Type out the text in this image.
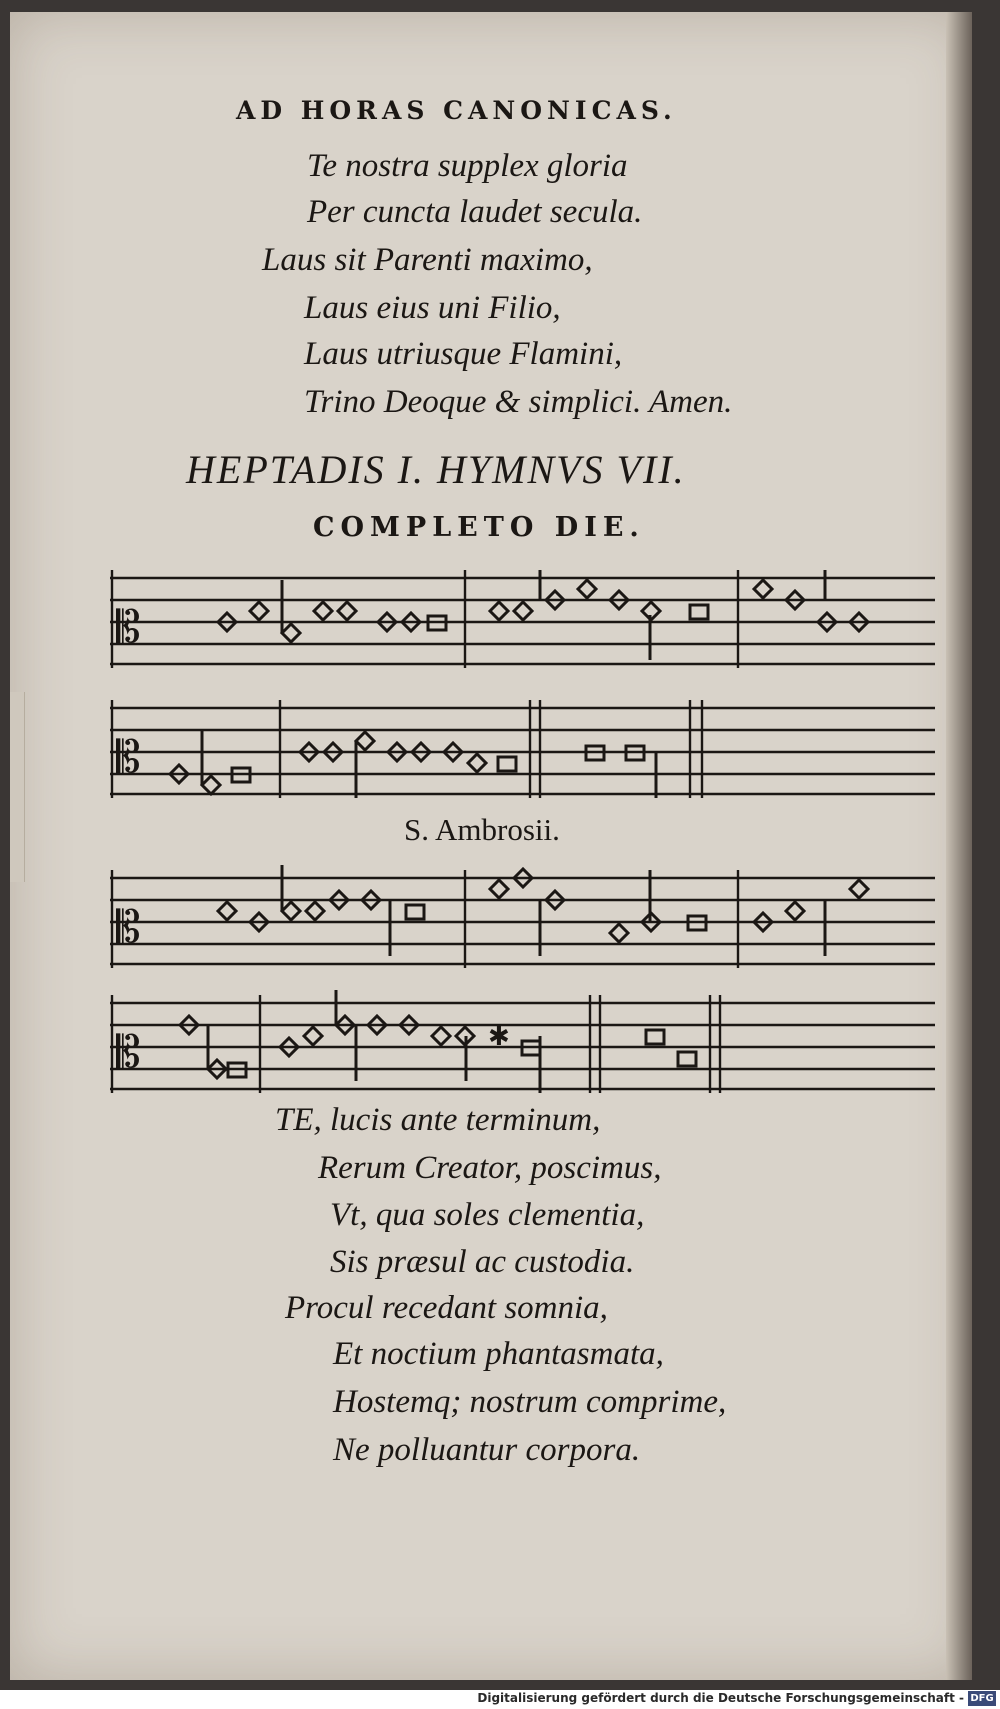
AD HORAS CANONICAS.
Te nostra supplex gloria
Per cuncta laudet secula.
Laus sit Parenti maximo,
Laus eius uni Filio,
Laus utriusque Flamini,
Trino Deoque & simplici. Amen.
HEPTADIS I. HYMNVS VII.
COMPLETO DIE.
𝄡
𝄡
S. Ambrosii.
𝄡
𝄡	✱
TE, lucis ante terminum,
Rerum Creator, poscimus,
Vt, qua soles clementia,
Sis præsul ac custodia.
Procul recedant somnia,
Et noctium phantasmata,
Hostemq; nostrum comprime,
Ne polluantur corpora.
Digitalisierung gefördert durch die Deutsche Forschungsgemeinschaft - DFG
